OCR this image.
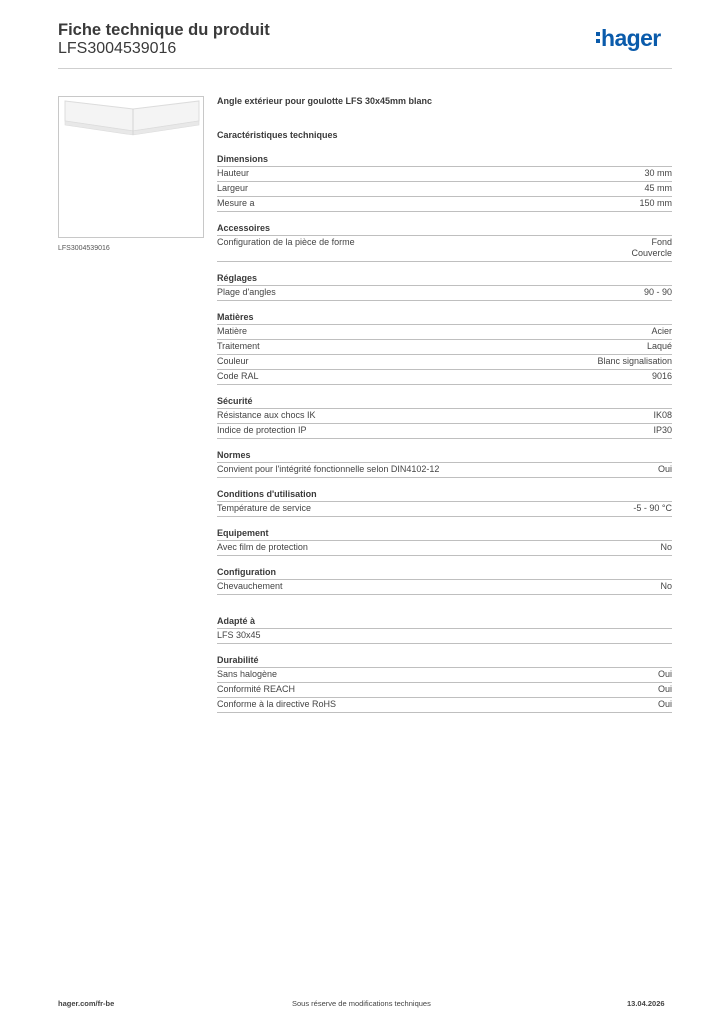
Fiche technique du produit
LFS3004539016	hager
LFS3004539016
Angle extérieur pour goulotte LFS 30x45mm blanc
Caractéristiques techniques
Dimensions
Hauteur	30 mm
Largeur	45 mm
Mesure a	150 mm
Accessoires
Configuration de la pièce de forme	Fond
Couvercle
Réglages
Plage d'angles	90 - 90
Matières
Matière	Acier
Traitement	Laqué
Couleur	Blanc signalisation
Code RAL	9016
Sécurité
Résistance aux chocs IK	IK08
Indice de protection IP	IP30
Normes
Convient pour l'intégrité fonctionnelle selon DIN4102-12	Oui
Conditions d'utilisation
Température de service	-5 - 90 °C
Equipement
Avec film de protection	No
Configuration
Chevauchement	No
Adapté à
LFS 30x45
Durabilité
Sans halogène	Oui
Conformité REACH	Oui
Conforme à la directive RoHS	Oui
hager.com/fr-be	Sous réserve de modifications techniques	13.04.2026
